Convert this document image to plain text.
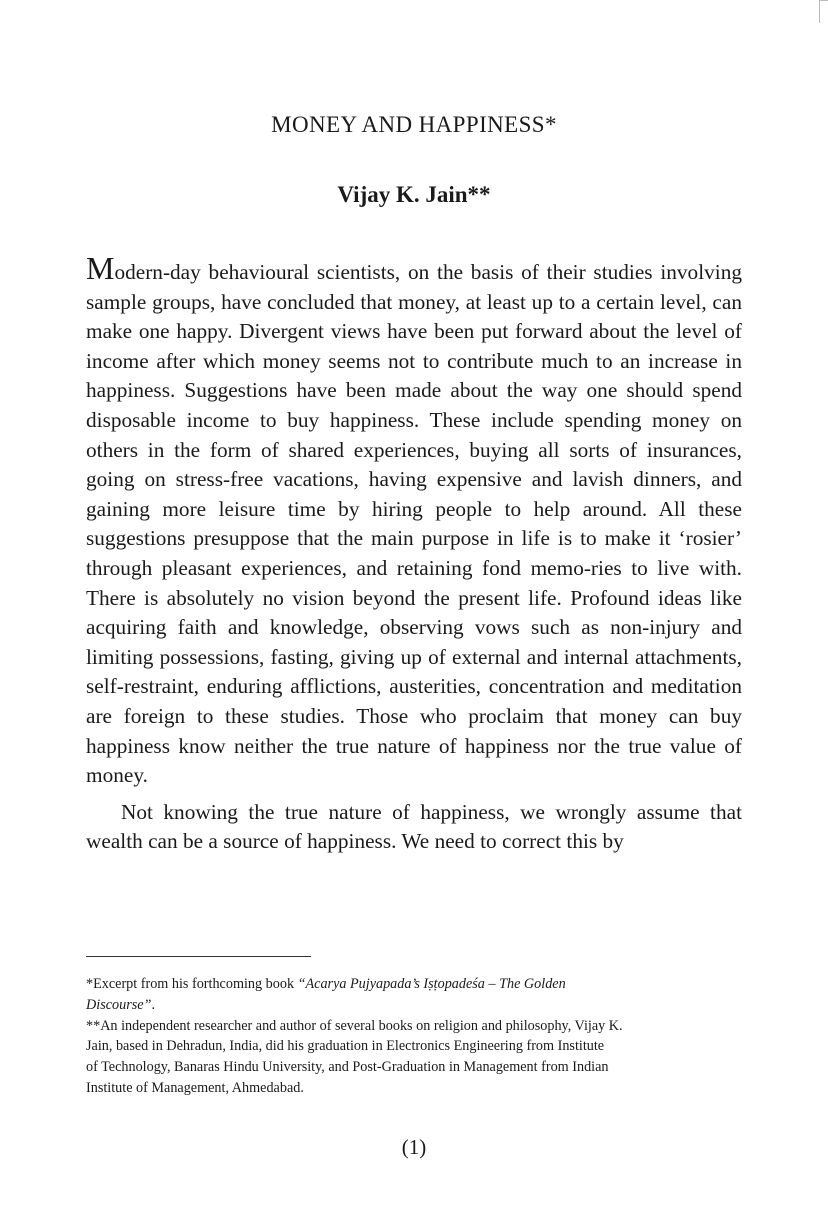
MONEY AND HAPPINESS*
Vijay K. Jain**

Modern-day behavioural scientists, on the basis of their studies involving sample groups, have concluded that money, at least up to a certain level, can make one happy. Divergent views have been put forward about the level of income after which money seems not to contribute much to an increase in happiness. Suggestions have been made about the way one should spend disposable income to buy happiness. These include spending money on others in the form of shared experiences, buying all sorts of insurances, going on stress-free vacations, having expensive and lavish dinners, and gaining more leisure time by hiring people to help around. All these suggestions presuppose that the main purpose in life is to make it ‘rosier’ through pleasant experiences, and retaining fond memo-ries to live with. There is absolutely no vision beyond the present life. Profound ideas like acquiring faith and knowledge, observing vows such as non-injury and limiting possessions, fasting, giving up of external and internal attachments, self-restraint, enduring afflictions, austerities, concentration and meditation are foreign to these studies. Those who proclaim that money can buy happiness know neither the true nature of happiness nor the true value of money.

Not knowing the true nature of happiness, we wrongly assume that wealth can be a source of happiness. We need to correct this by

*Excerpt from his forthcoming book “Acarya Pujyapada’s Iṣṭopadeśa – The Golden
Discourse”.

**An independent researcher and author of several books on religion and philosophy, Vijay K.
Jain, based in Dehradun, India, did his graduation in Electronics Engineering from Institute
of Technology, Banaras Hindu University, and Post-Graduation in Management from Indian
Institute of Management, Ahmedabad.

(1)
